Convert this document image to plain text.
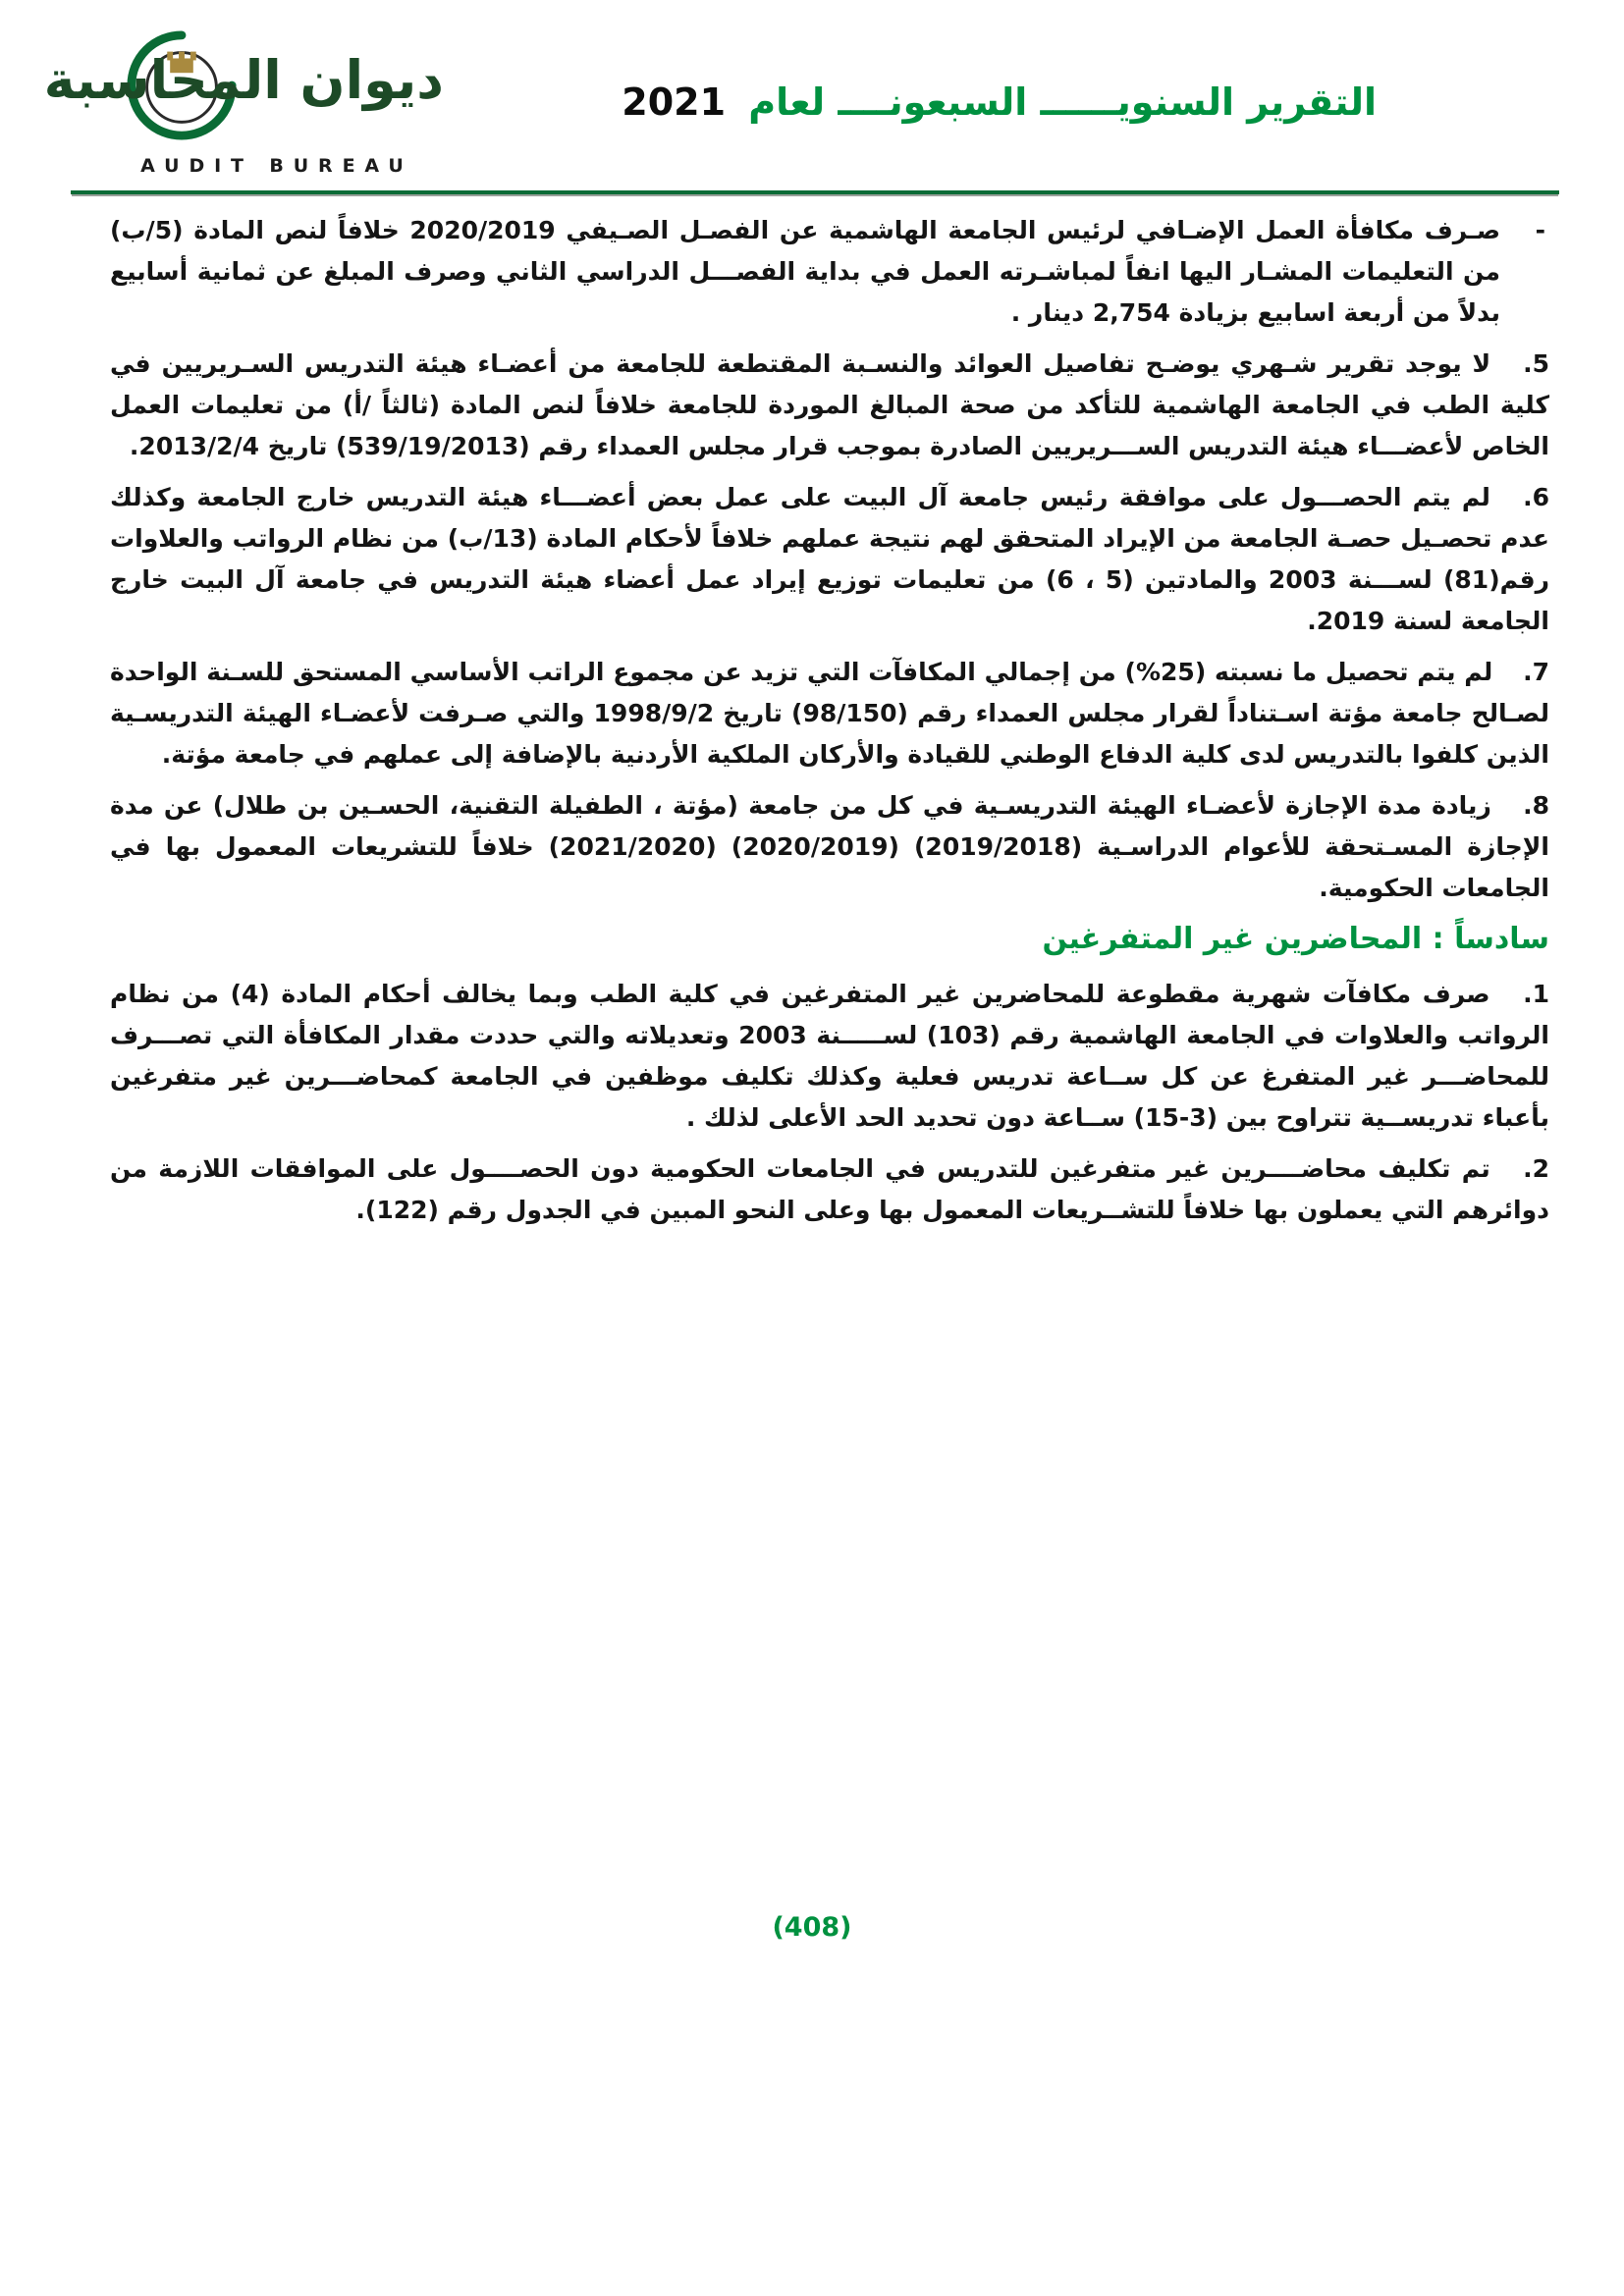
ديوان المحاسبة
AUDIT BUREAU
التقرير السنويــــــ السبعونــــ لعام 2021
-
صـرف مكافأة العمل الإضـافي لرئيس الجامعة الهاشمية عن الفصـل الصـيفي 2020/2019 خلافاً لنص المادة (5/ب) من التعليمات المشـار اليها انفاً لمباشـرته العمل في بداية الفصـــل الدراسي الثاني وصرف المبلغ عن ثمانية أسابيع بدلاً من أربعة اسابيع بزيادة 2,754 دينار .

5. لا يوجد تقرير شـهري يوضـح تفاصيل العوائد والنسـبة المقتطعة للجامعة من أعضـاء هيئة التدريس السـريريين في كلية الطب في الجامعة الهاشمية للتأكد من صحة المبالغ الموردة للجامعة خلافاً لنص المادة (ثالثاً /أ) من تعليمات العمل الخاص لأعضـــاء هيئة التدريس الســـريريين الصادرة بموجب قرار مجلس العمداء رقم (539/19/2013) تاريخ 2013/2/4.

6. لم يتم الحصـــول على موافقة رئيس جامعة آل البيت على عمل بعض أعضـــاء هيئة التدريس خارج الجامعة وكذلك عدم تحصـيل حصـة الجامعة من الإيراد المتحقق لهم نتيجة عملهم خلافاً لأحكام المادة (13/ب) من نظام الرواتب والعلاوات رقم(81) لســـنة 2003 والمادتين (5 ، 6) من تعليمات توزيع إيراد عمل أعضاء هيئة التدريس في جامعة آل البيت خارج الجامعة لسنة 2019.

7. لم يتم تحصيل ما نسبته (25%) من إجمالي المكافآت التي تزيد عن مجموع الراتب الأساسي المستحق للسـنة الواحدة لصـالح جامعة مؤتة اسـتناداً لقرار مجلس العمداء رقم (98/150) تاريخ 1998/9/2 والتي صـرفت لأعضـاء الهيئة التدريسـية الذين كلفوا بالتدريس لدى كلية الدفاع الوطني للقيادة والأركان الملكية الأردنية بالإضافة إلى عملهم في جامعة مؤتة.

8. زيادة مدة الإجازة لأعضـاء الهيئة التدريسـية في كل من جامعة (مؤتة ، الطفيلة التقنية، الحسـين بن طلال) عن مدة الإجازة المسـتحقة للأعوام الدراسـية (2019/2018) (2020/2019) (2021/2020) خلافاً للتشريعات المعمول بها في الجامعات الحكومية.

سادساً : المحاضرين غير المتفرغين

1. صرف مكافآت شهرية مقطوعة للمحاضرين غير المتفرغين في كلية الطب وبما يخالف أحكام المادة (4) من نظام الرواتب والعلاوات في الجامعة الهاشمية رقم (103) لســـــنة 2003 وتعديلاته والتي حددت مقدار المكافأة التي تصـــرف للمحاضـــر غير المتفرغ عن كل ســاعة تدريس فعلية وكذلك تكليف موظفين في الجامعة كمحاضـــرين غير متفرغين بأعباء تدريســية تتراوح بين (3-15) ســاعة دون تحديد الحد الأعلى لذلك .

2. تم تكليف محاضــــرين غير متفرغين للتدريس في الجامعات الحكومية دون الحصــــول على الموافقات اللازمة من دوائرهم التي يعملون بها خلافاً للتشــريعات المعمول بها وعلى النحو المبين في الجدول رقم (122).

(408)
